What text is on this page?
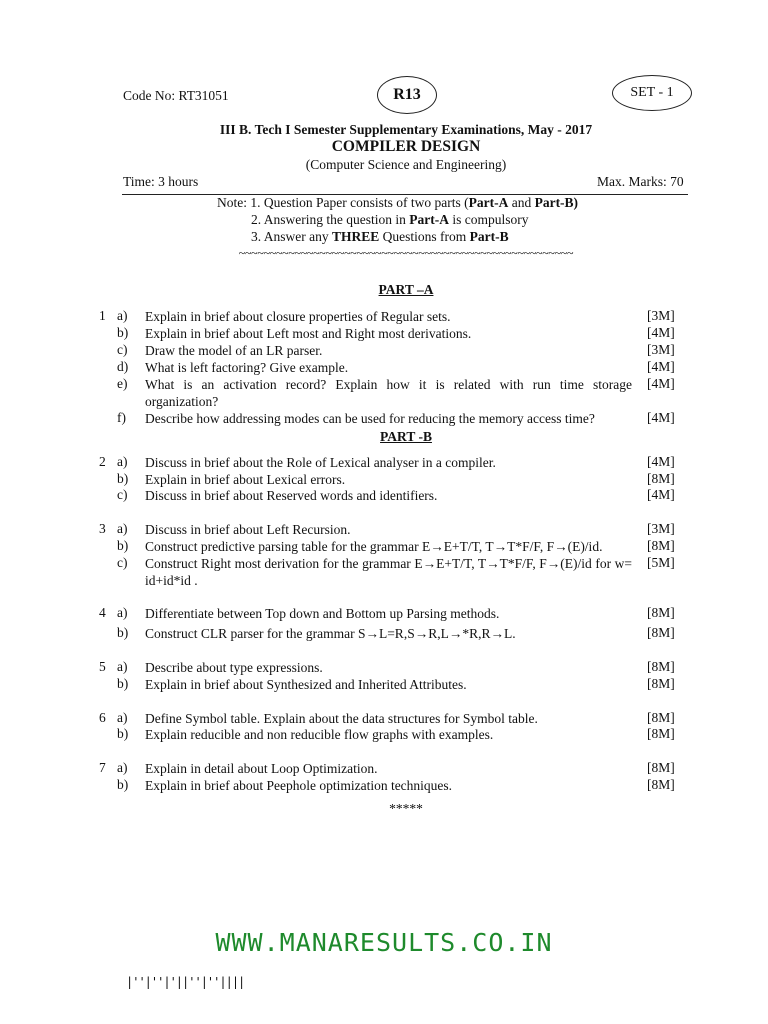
Code No: RT31051	R13	SET - 1
III B. Tech I Semester Supplementary Examinations, May - 2017
COMPILER DESIGN
(Computer Science and Engineering)
Time: 3 hours	Max. Marks: 70
Note: 1. Question Paper consists of two parts (Part-A and Part-B)
2. Answering the question in Part-A is compulsory
3. Answer any THREE Questions from Part-B
~~~~~~~~~~~~~~~~~~~~~~~~~~~~~~~~~~~~~~~~~~~~~~~~~~~~~~
PART –A
1 a)	Explain in brief about closure properties of Regular sets.	[3M]
b)	Explain in brief about Left most and Right most derivations.	[4M]
c)	Draw the model of an LR parser.	[3M]
d)	What is left factoring? Give example.	[4M]
e)	What is an activation record? Explain how it is related with run time storage organization?
[4M]
f)	Describe how addressing modes can be used for reducing the memory access time?	[4M]
PART -B
2 a)	Discuss in brief about the Role of Lexical analyser in a compiler.	[4M]
b)	Explain in brief about Lexical errors.	[8M]
c)	Discuss in brief about Reserved words and identifiers.	[4M]
3 a)	Discuss in brief about Left Recursion.	[3M]
b)	Construct predictive parsing table for the grammar E→E+T/T, T→T*F/F, F→(E)/id.	[8M]
c)	Construct Right most derivation for the grammar E→E+T/T, T→T*F/F, F→(E)/id for w= id+id*id .
[5M]
4 a)	Differentiate between Top down and Bottom up Parsing methods.	[8M]
b)	Construct CLR parser for the grammar S→L=R,S→R,L→*R,R→L.	[8M]
5 a)	Describe about type expressions.	[8M]
b)	Explain in brief about Synthesized and Inherited Attributes.	[8M]
6 a)	Define Symbol table. Explain about the data structures for Symbol table.	[8M]
b)	Explain reducible and non reducible flow graphs with examples.	[8M]
7 a)	Explain in detail about Loop Optimization.	[8M]
b)	Explain in brief about Peephole optimization techniques.	[8M]
*****
WWW.MANARESULTS.CO.IN
|''|''|'||''|''||||
